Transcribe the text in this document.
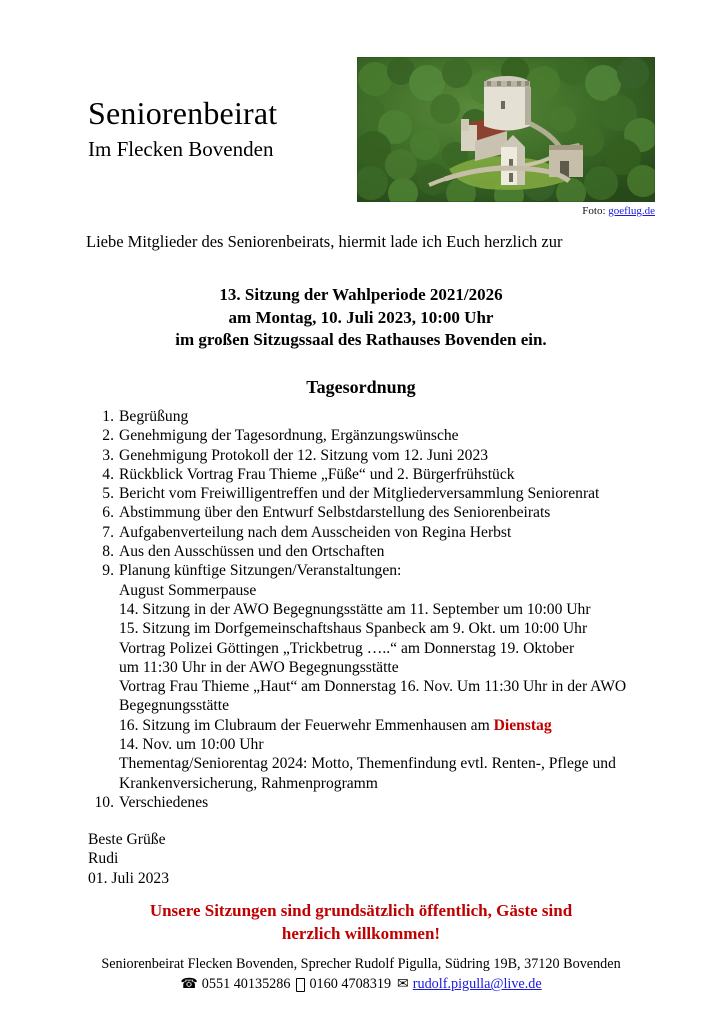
Seniorenbeirat
Im Flecken Bovenden
Foto: goeflug.de
Liebe Mitglieder des Seniorenbeirats, hiermit lade ich Euch herzlich zur
13. Sitzung der Wahlperiode 2021/2026
am Montag, 10. Juli 2023, 10:00 Uhr
im großen Sitzugssaal des Rathauses Bovenden ein.
Tagesordnung
1. Begrüßung
2. Genehmigung der Tagesordnung, Ergänzungswünsche
3. Genehmigung Protokoll der 12. Sitzung vom 12. Juni 2023
4. Rückblick Vortrag Frau Thieme „Füße“ und 2. Bürgerfrühstück
5. Bericht vom Freiwilligentreffen und der Mitgliederversammlung Seniorenrat
6. Abstimmung über den Entwurf Selbstdarstellung des Seniorenbeirats
7. Aufgabenverteilung nach dem Ausscheiden von Regina Herbst
8. Aus den Ausschüssen und den Ortschaften
9. Planung künftige Sitzungen/Veranstaltungen:
August Sommerpause
14. Sitzung in der AWO Begegnungsstätte am 11. September um 10:00 Uhr
15. Sitzung im Dorfgemeinschaftshaus Spanbeck am 9. Okt. um 10:00 Uhr
Vortrag Polizei Göttingen „Trickbetrug …..“ am Donnerstag 19. Oktober
um 11:30 Uhr in der AWO Begegnungsstätte
Vortrag Frau Thieme „Haut“ am Donnerstag 16. Nov. Um 11:30 Uhr in der AWO Begegnungsstätte
16. Sitzung im Clubraum der Feuerwehr Emmenhausen am Dienstag
14. Nov. um 10:00 Uhr
Thementag/Seniorentag 2024: Motto, Themenfindung evtl. Renten-, Pflege und Krankenversicherung, Rahmenprogramm
10. Verschiedenes
Beste Grüße
Rudi
01. Juli 2023
Unsere Sitzungen sind grundsätzlich öffentlich, Gäste sind
herzlich willkommen!
Seniorenbeirat Flecken Bovenden, Sprecher Rudolf Pigulla, Südring 19B, 37120 Bovenden
☎ 0551 40135286 0160 4708319 ✉ rudolf.pigulla@live.de
